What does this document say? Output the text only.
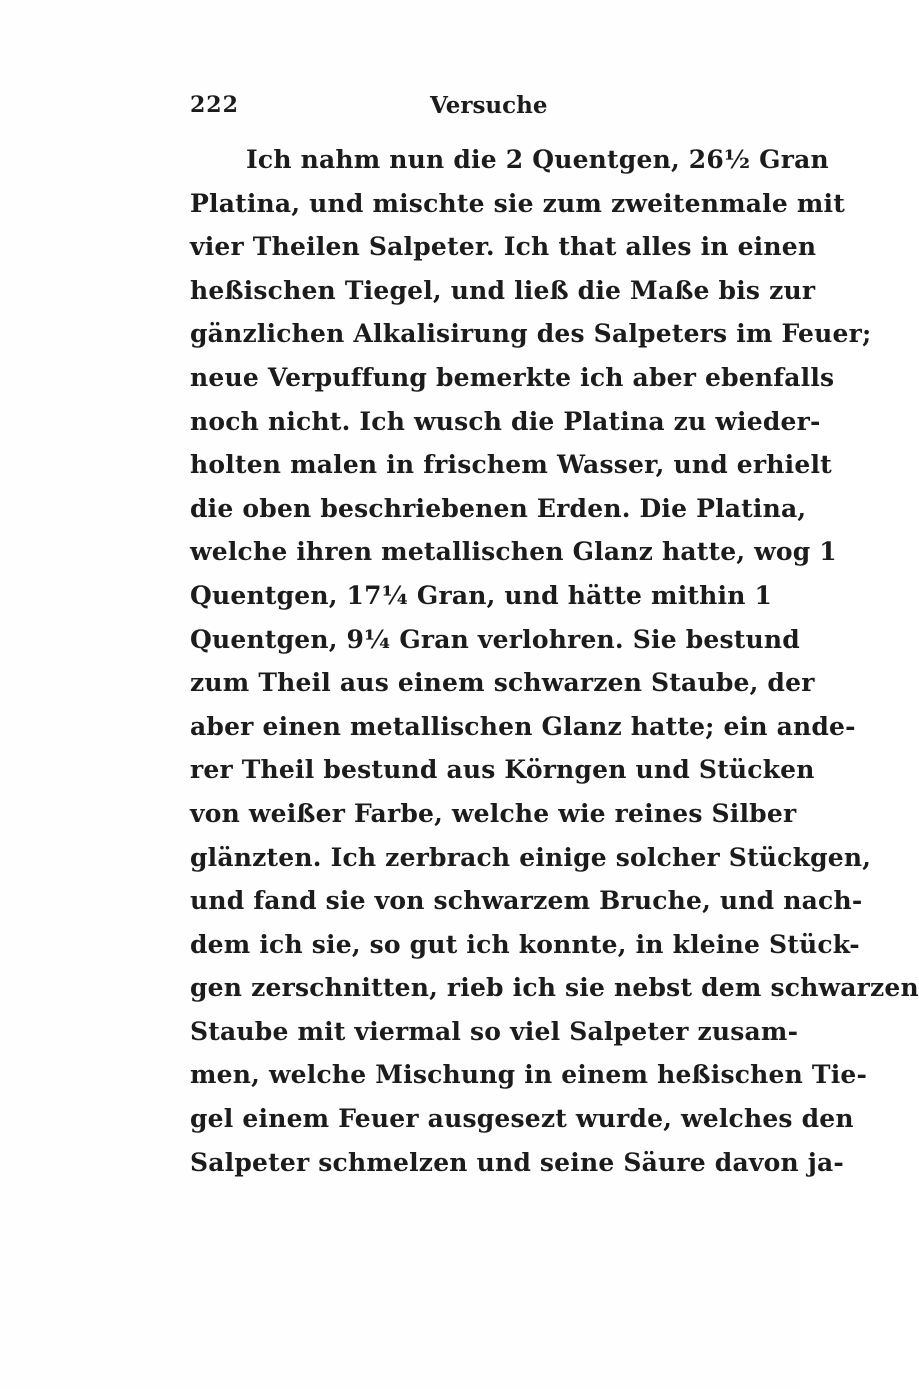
222	Versuche
Ich nahm nun die 2 Quentgen, 26½ Gran
Platina, und mischte sie zum zweitenmale mit
vier Theilen Salpeter. Ich that alles in einen
heßischen Tiegel, und ließ die Maße bis zur
gänzlichen Alkalisirung des Salpeters im Feuer;
neue Verpuffung bemerkte ich aber ebenfalls
noch nicht. Ich wusch die Platina zu wieder-
holten malen in frischem Wasser, und erhielt
die oben beschriebenen Erden. Die Platina,
welche ihren metallischen Glanz hatte, wog 1
Quentgen, 17¼ Gran, und hätte mithin 1
Quentgen, 9¼ Gran verlohren. Sie bestund
zum Theil aus einem schwarzen Staube, der
aber einen metallischen Glanz hatte; ein ande-
rer Theil bestund aus Körngen und Stücken
von weißer Farbe, welche wie reines Silber
glänzten. Ich zerbrach einige solcher Stückgen,
und fand sie von schwarzem Bruche, und nach-
dem ich sie, so gut ich konnte, in kleine Stück-
gen zerschnitten, rieb ich sie nebst dem schwarzen
Staube mit viermal so viel Salpeter zusam-
men, welche Mischung in einem heßischen Tie-
gel einem Feuer ausgesezt wurde, welches den
Salpeter schmelzen und seine Säure davon ja-
